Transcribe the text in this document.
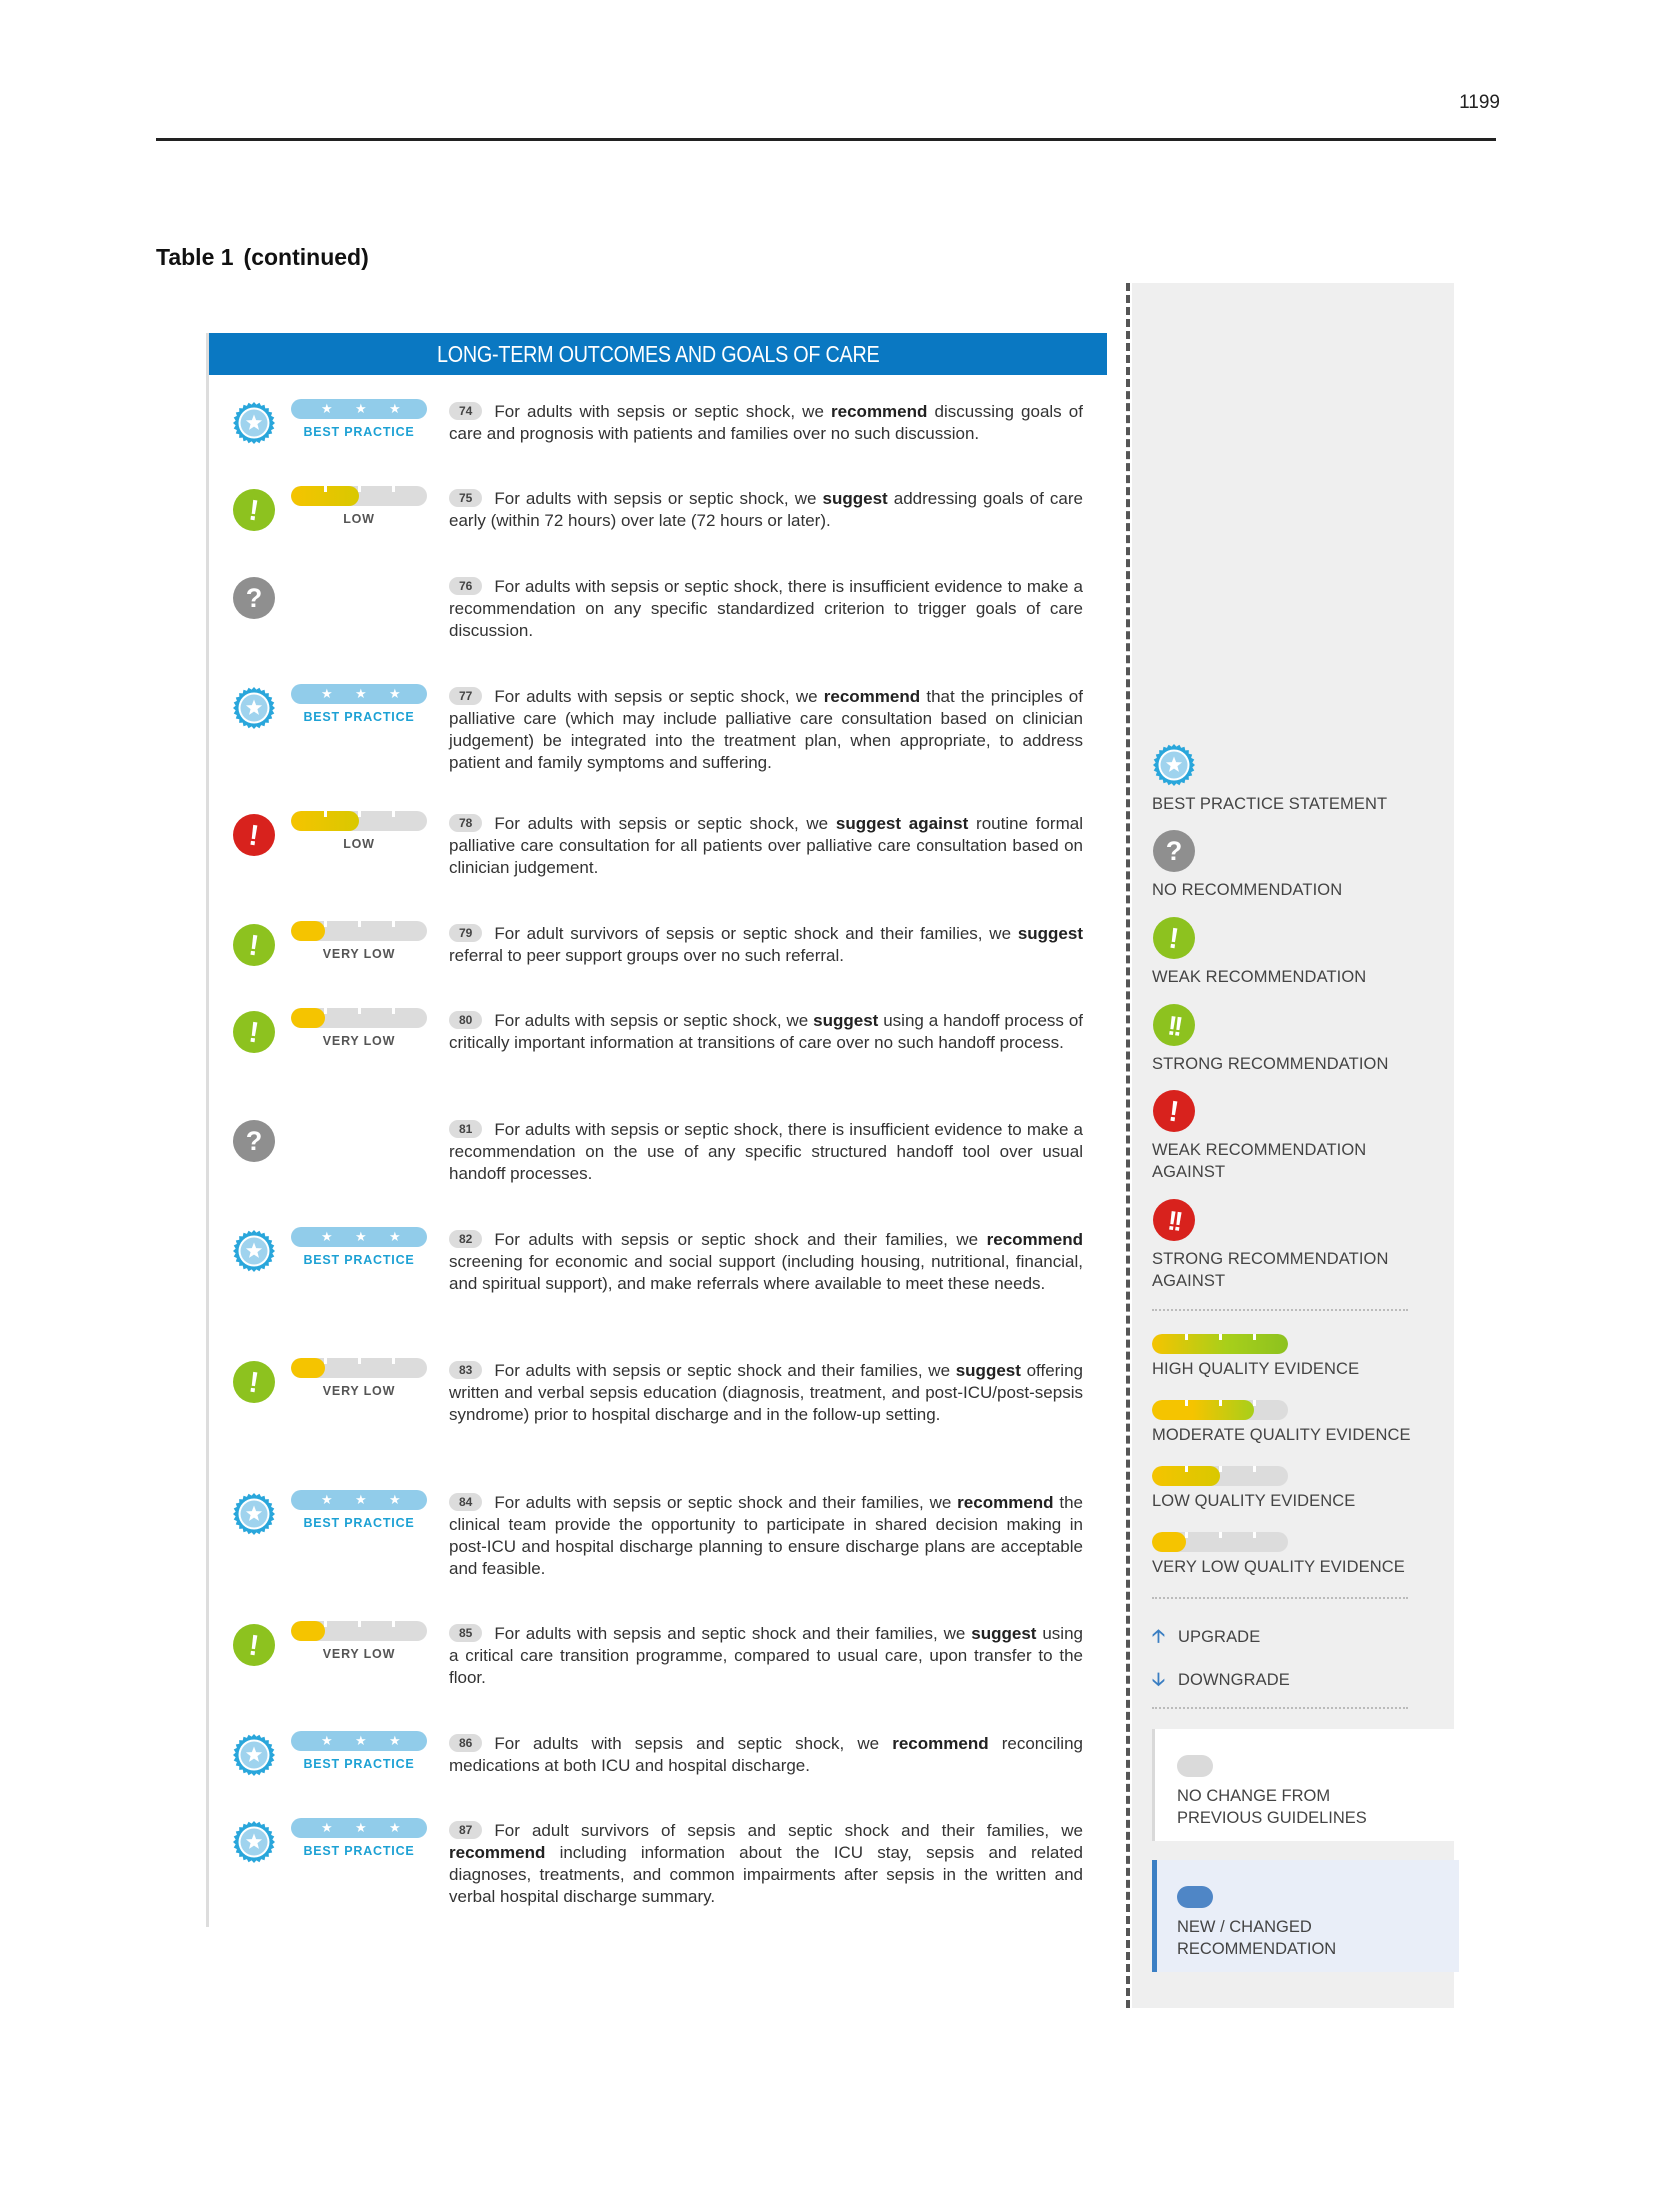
1199
Table 1 (continued)
LONG-TERM OUTCOMES AND GOALS OF CARE
★ ★ ★
BEST PRACTICE
74 For adults with sepsis or septic shock, we recommend discussing goals of care and prognosis with patients and families over no such discussion.
!	LOW
75 For adults with sepsis or septic shock, we suggest addressing goals of care early (within 72 hours) over late (72 hours or later).
?	76 For adults with sepsis or septic shock, there is insufficient evidence to make a recommendation on any specific standardized criterion to trigger goals of care discussion.
★ ★ ★
BEST PRACTICE
77 For adults with sepsis or septic shock, we recommend that the principles of palliative care (which may include palliative care consultation based on clinician judgement) be integrated into the treatment plan, when appropriate, to address patient and family symptoms and suffering.
!	LOW
78 For adults with sepsis or septic shock, we suggest against routine formal palliative care consultation for all patients over palliative care consultation based on clinician judgement.
!	VERY LOW
79 For adult survivors of sepsis or septic shock and their families, we suggest referral to peer support groups over no such referral.
!	VERY LOW
80 For adults with sepsis or septic shock, we suggest using a handoff process of critically important information at transitions of care over no such handoff process.
?	81 For adults with sepsis or septic shock, there is insufficient evidence to make a recommendation on the use of any specific structured handoff tool over usual handoff processes.
★ ★ ★
BEST PRACTICE
82 For adults with sepsis or septic shock and their families, we recommend screening for economic and social support (including housing, nutritional, financial, and spiritual support), and make referrals where available to meet these needs.
!	VERY LOW
83 For adults with sepsis or septic shock and their families, we suggest offering written and verbal sepsis education (diagnosis, treatment, and post-ICU/post-sepsis syndrome) prior to hospital discharge and in the follow-up setting.
★ ★ ★
BEST PRACTICE
84 For adults with sepsis or septic shock and their families, we recommend the clinical team provide the opportunity to participate in shared decision making in post-ICU and hospital discharge planning to ensure discharge plans are acceptable and feasible.
!	VERY LOW
85 For adults with sepsis and septic shock and their families, we suggest using a critical care transition programme, compared to usual care, upon transfer to the floor.
★ ★ ★
BEST PRACTICE
86 For adults with sepsis and septic shock, we recommend reconciling medications at both ICU and hospital discharge.
★ ★ ★
BEST PRACTICE
87 For adult survivors of sepsis and septic shock and their families, we recommend including information about the ICU stay, sepsis and related diagnoses, treatments, and common impairments after sepsis in the written and verbal hospital discharge summary.
BEST PRACTICE STATEMENT
?
NO RECOMMENDATION
!
WEAK RECOMMENDATION
!!
STRONG RECOMMENDATION
!
WEAK RECOMMENDATION
AGAINST
!!
STRONG RECOMMENDATION
AGAINST
HIGH QUALITY EVIDENCE
MODERATE QUALITY EVIDENCE
LOW QUALITY EVIDENCE
VERY LOW QUALITY EVIDENCE
🡡 UPGRADE
🡣 DOWNGRADE
NO CHANGE FROM
PREVIOUS GUIDELINES
NEW / CHANGED
RECOMMENDATION
